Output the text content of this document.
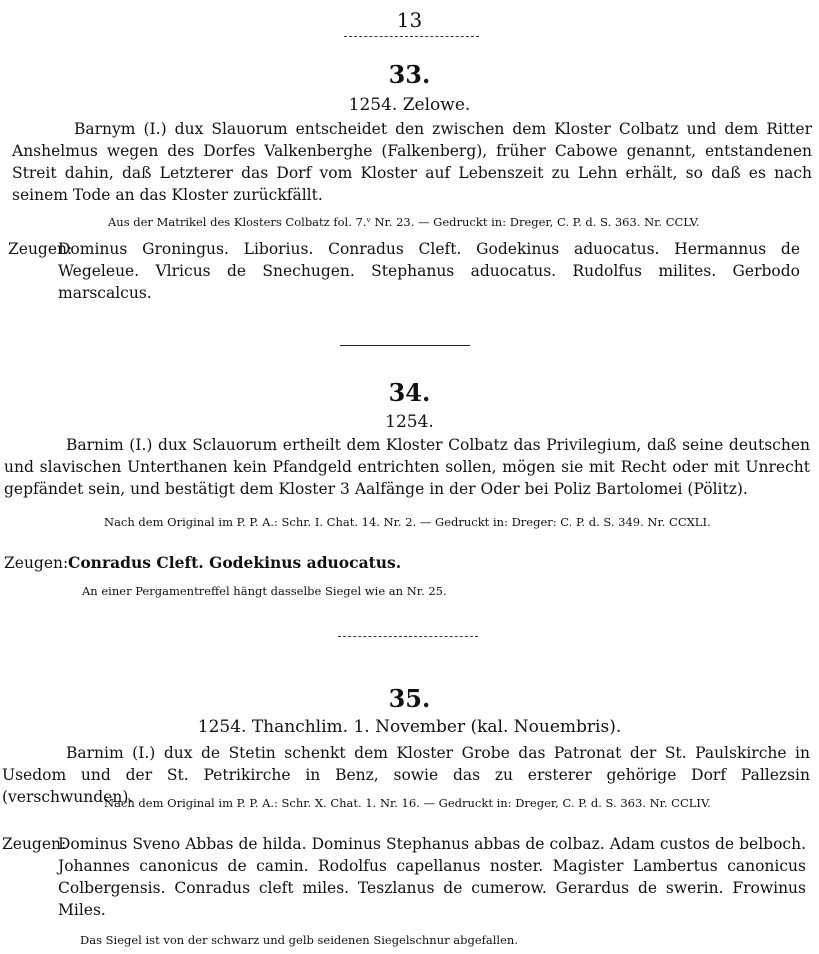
13
33.
1254. Zelowe.
Barnym (I.) dux Slauorum entscheidet den zwischen dem Kloster Colbatz und dem Ritter Anshelmus wegen des Dorfes Valkenberghe (Falkenberg), früher Cabowe genannt, entstandenen Streit dahin, daß Letzterer das Dorf vom Kloster auf Lebenszeit zu Lehn erhält, so daß es nach seinem Tode an das Kloster zurückfällt.
Aus der Matrikel des Klosters Colbatz fol. 7.ᵛ Nr. 23. — Gedruckt in: Dreger, C. P. d. S. 363. Nr. CCLV.
Zeugen:
Dominus Groningus. Liborius. Conradus Cleft. Godekinus aduocatus. Hermannus de Wegeleue. Vlricus de Snechugen. Stephanus aduocatus. Rudolfus milites. Gerbodo marscalcus.
34.
1254.
Barnim (I.) dux Sclauorum ertheilt dem Kloster Colbatz das Privilegium, daß seine deutschen und slavischen Unterthanen kein Pfandgeld entrichten sollen, mögen sie mit Recht oder mit Unrecht gepfändet sein, und bestätigt dem Kloster 3 Aalfänge in der Oder bei Poliz Bartolomei (Pölitz).
Nach dem Original im P. P. A.: Schr. I. Chat. 14. Nr. 2. — Gedruckt in: Dreger: C. P. d. S. 349. Nr. CCXLI.
Zeugen: Conradus Cleft. Godekinus aduocatus.
An einer Pergamentreffel hängt dasselbe Siegel wie an Nr. 25.
35.
1254. Thanchlim. 1. November (kal. Nouembris).
Barnim (I.) dux de Stetin schenkt dem Kloster Grobe das Patronat der St. Paulskirche in Usedom und der St. Petrikirche in Benz, sowie das zu ersterer gehörige Dorf Pallezsin (verschwunden).
Nach dem Original im P. P. A.: Schr. X. Chat. 1. Nr. 16. — Gedruckt in: Dreger, C. P. d. S. 363. Nr. CCLIV.
Zeugen:
Dominus Sveno Abbas de hilda. Dominus Stephanus abbas de colbaz. Adam custos de belboch. Johannes canonicus de camin. Rodolfus capellanus noster. Magister Lambertus canonicus Colbergensis. Conradus cleft miles. Teszlanus de cumerow. Gerardus de swerin. Frowinus Miles.
Das Siegel ist von der schwarz und gelb seidenen Siegelschnur abgefallen.
